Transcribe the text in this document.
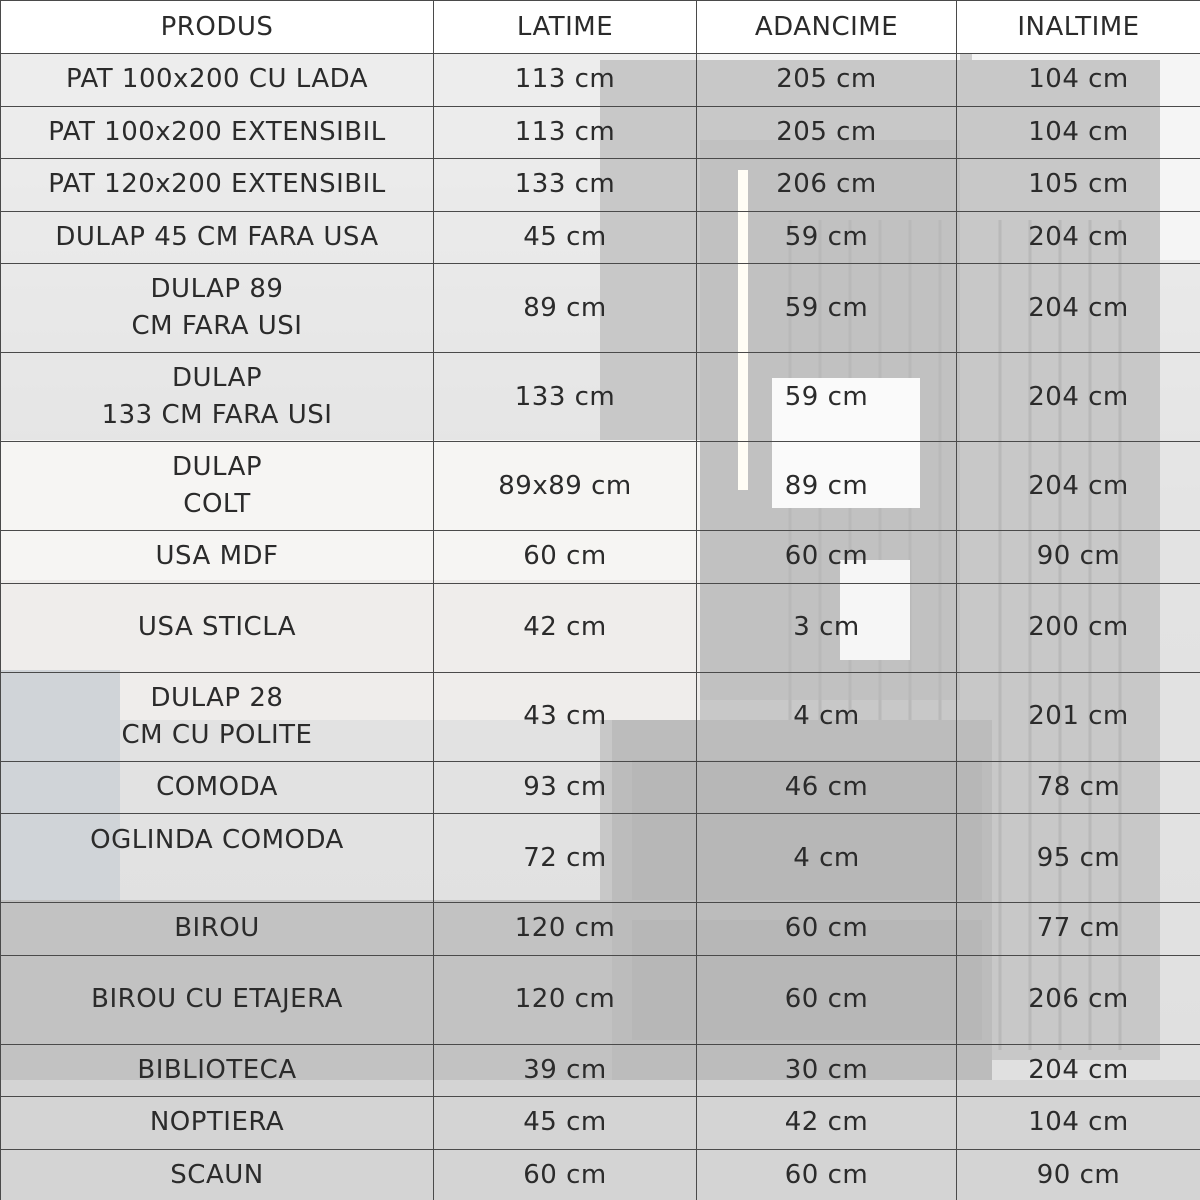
PRODUS	LATIME	ADANCIME	INALTIME
PAT 100x200 CU LADA	113 cm	205 cm	104 cm
PAT 100x200 EXTENSIBIL	113 cm	205 cm	104 cm
PAT 120x200 EXTENSIBIL	133 cm	206 cm	105 cm
DULAP 45 CM FARA USA	45 cm	59 cm	204 cm

DULAP 89
CM FARA USI	89 cm	59 cm	204 cm

DULAP
133 CM FARA USI	133 cm	59 cm	204 cm

DULAP
COLT	89x89 cm	89 cm	204 cm
USA MDF	60 cm	60 cm	90 cm
USA STICLA	42 cm	3 cm	200 cm

DULAP 28
CM CU POLITE	43 cm	4 cm	201 cm
COMODA	93 cm	46 cm	78 cm
OGLINDA COMODA	72 cm	4 cm	95 cm
BIROU	120 cm	60 cm	77 cm
BIROU CU ETAJERA	120 cm	60 cm	206 cm
BIBLIOTECA	39 cm	30 cm	204 cm
NOPTIERA	45 cm	42 cm	104 cm
SCAUN	60 cm	60 cm	90 cm
